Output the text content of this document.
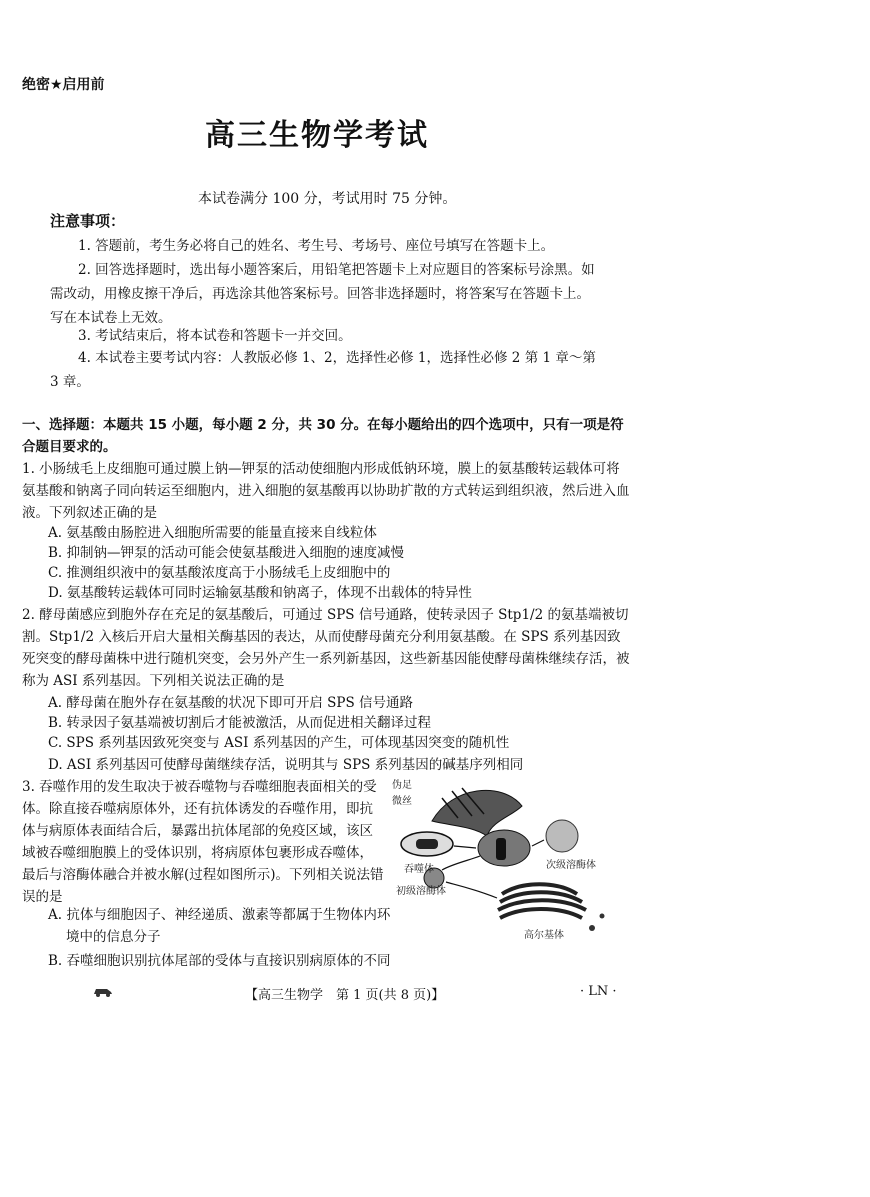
绝密★启用前
高三生物学考试
本试卷满分 100 分，考试用时 75 分钟。
注意事项：
1. 答题前，考生务必将自己的姓名、考生号、考场号、座位号填写在答题卡上。
2. 回答选择题时，选出每小题答案后，用铅笔把答题卡上对应题目的答案标号涂黑。如需改动，用橡皮擦干净后，再选涂其他答案标号。回答非选择题时，将答案写在答题卡上。写在本试卷上无效。
3. 考试结束后，将本试卷和答题卡一并交回。
4. 本试卷主要考试内容：人教版必修 1、2，选择性必修 1，选择性必修 2 第 1 章～第 3 章。
一、选择题：本题共 15 小题，每小题 2 分，共 30 分。在每小题给出的四个选项中，只有一项是符合题目要求的。
1. 小肠绒毛上皮细胞可通过膜上钠—钾泵的活动使细胞内形成低钠环境，膜上的氨基酸转运载体可将氨基酸和钠离子同向转运至细胞内，进入细胞的氨基酸再以协助扩散的方式转运到组织液，然后进入血液。下列叙述正确的是
A. 氨基酸由肠腔进入细胞所需要的能量直接来自线粒体
B. 抑制钠—钾泵的活动可能会使氨基酸进入细胞的速度减慢
C. 推测组织液中的氨基酸浓度高于小肠绒毛上皮细胞中的
D. 氨基酸转运载体可同时运输氨基酸和钠离子，体现不出载体的特异性
2. 酵母菌感应到胞外存在充足的氨基酸后，可通过 SPS 信号通路，使转录因子 Stp1/2 的氨基端被切割。Stp1/2 入核后开启大量相关酶基因的表达，从而使酵母菌充分利用氨基酸。在 SPS 系列基因致死突变的酵母菌株中进行随机突变，会另外产生一系列新基因，这些新基因能使酵母菌株继续存活，被称为 ASI 系列基因。下列相关说法正确的是
A. 酵母菌在胞外存在氨基酸的状况下即可开启 SPS 信号通路
B. 转录因子氨基端被切割后才能被激活，从而促进相关翻译过程
C. SPS 系列基因致死突变与 ASI 系列基因的产生，可体现基因突变的随机性
D. ASI 系列基因可使酵母菌继续存活，说明其与 SPS 系列基因的碱基序列相同
3. 吞噬作用的发生取决于被吞噬物与吞噬细胞表面相关的受体。除直接吞噬病原体外，还有抗体诱发的吞噬作用，即抗体与病原体表面结合后，暴露出抗体尾部的免疫区域，该区域被吞噬细胞膜上的受体识别，将病原体包裹形成吞噬体，最后与溶酶体融合并被水解(过程如图所示)。下列相关说法错误的是
A. 抗体与细胞因子、神经递质、激素等都属于生物体内环境中的信息分子
B. 吞噬细胞识别抗体尾部的受体与直接识别病原体的不同
伪足
微丝
吞噬体	次级溶酶体
初级溶酶体
高尔基体
【高三生物学　第 1 页(共 8 页)】	· LN ·
